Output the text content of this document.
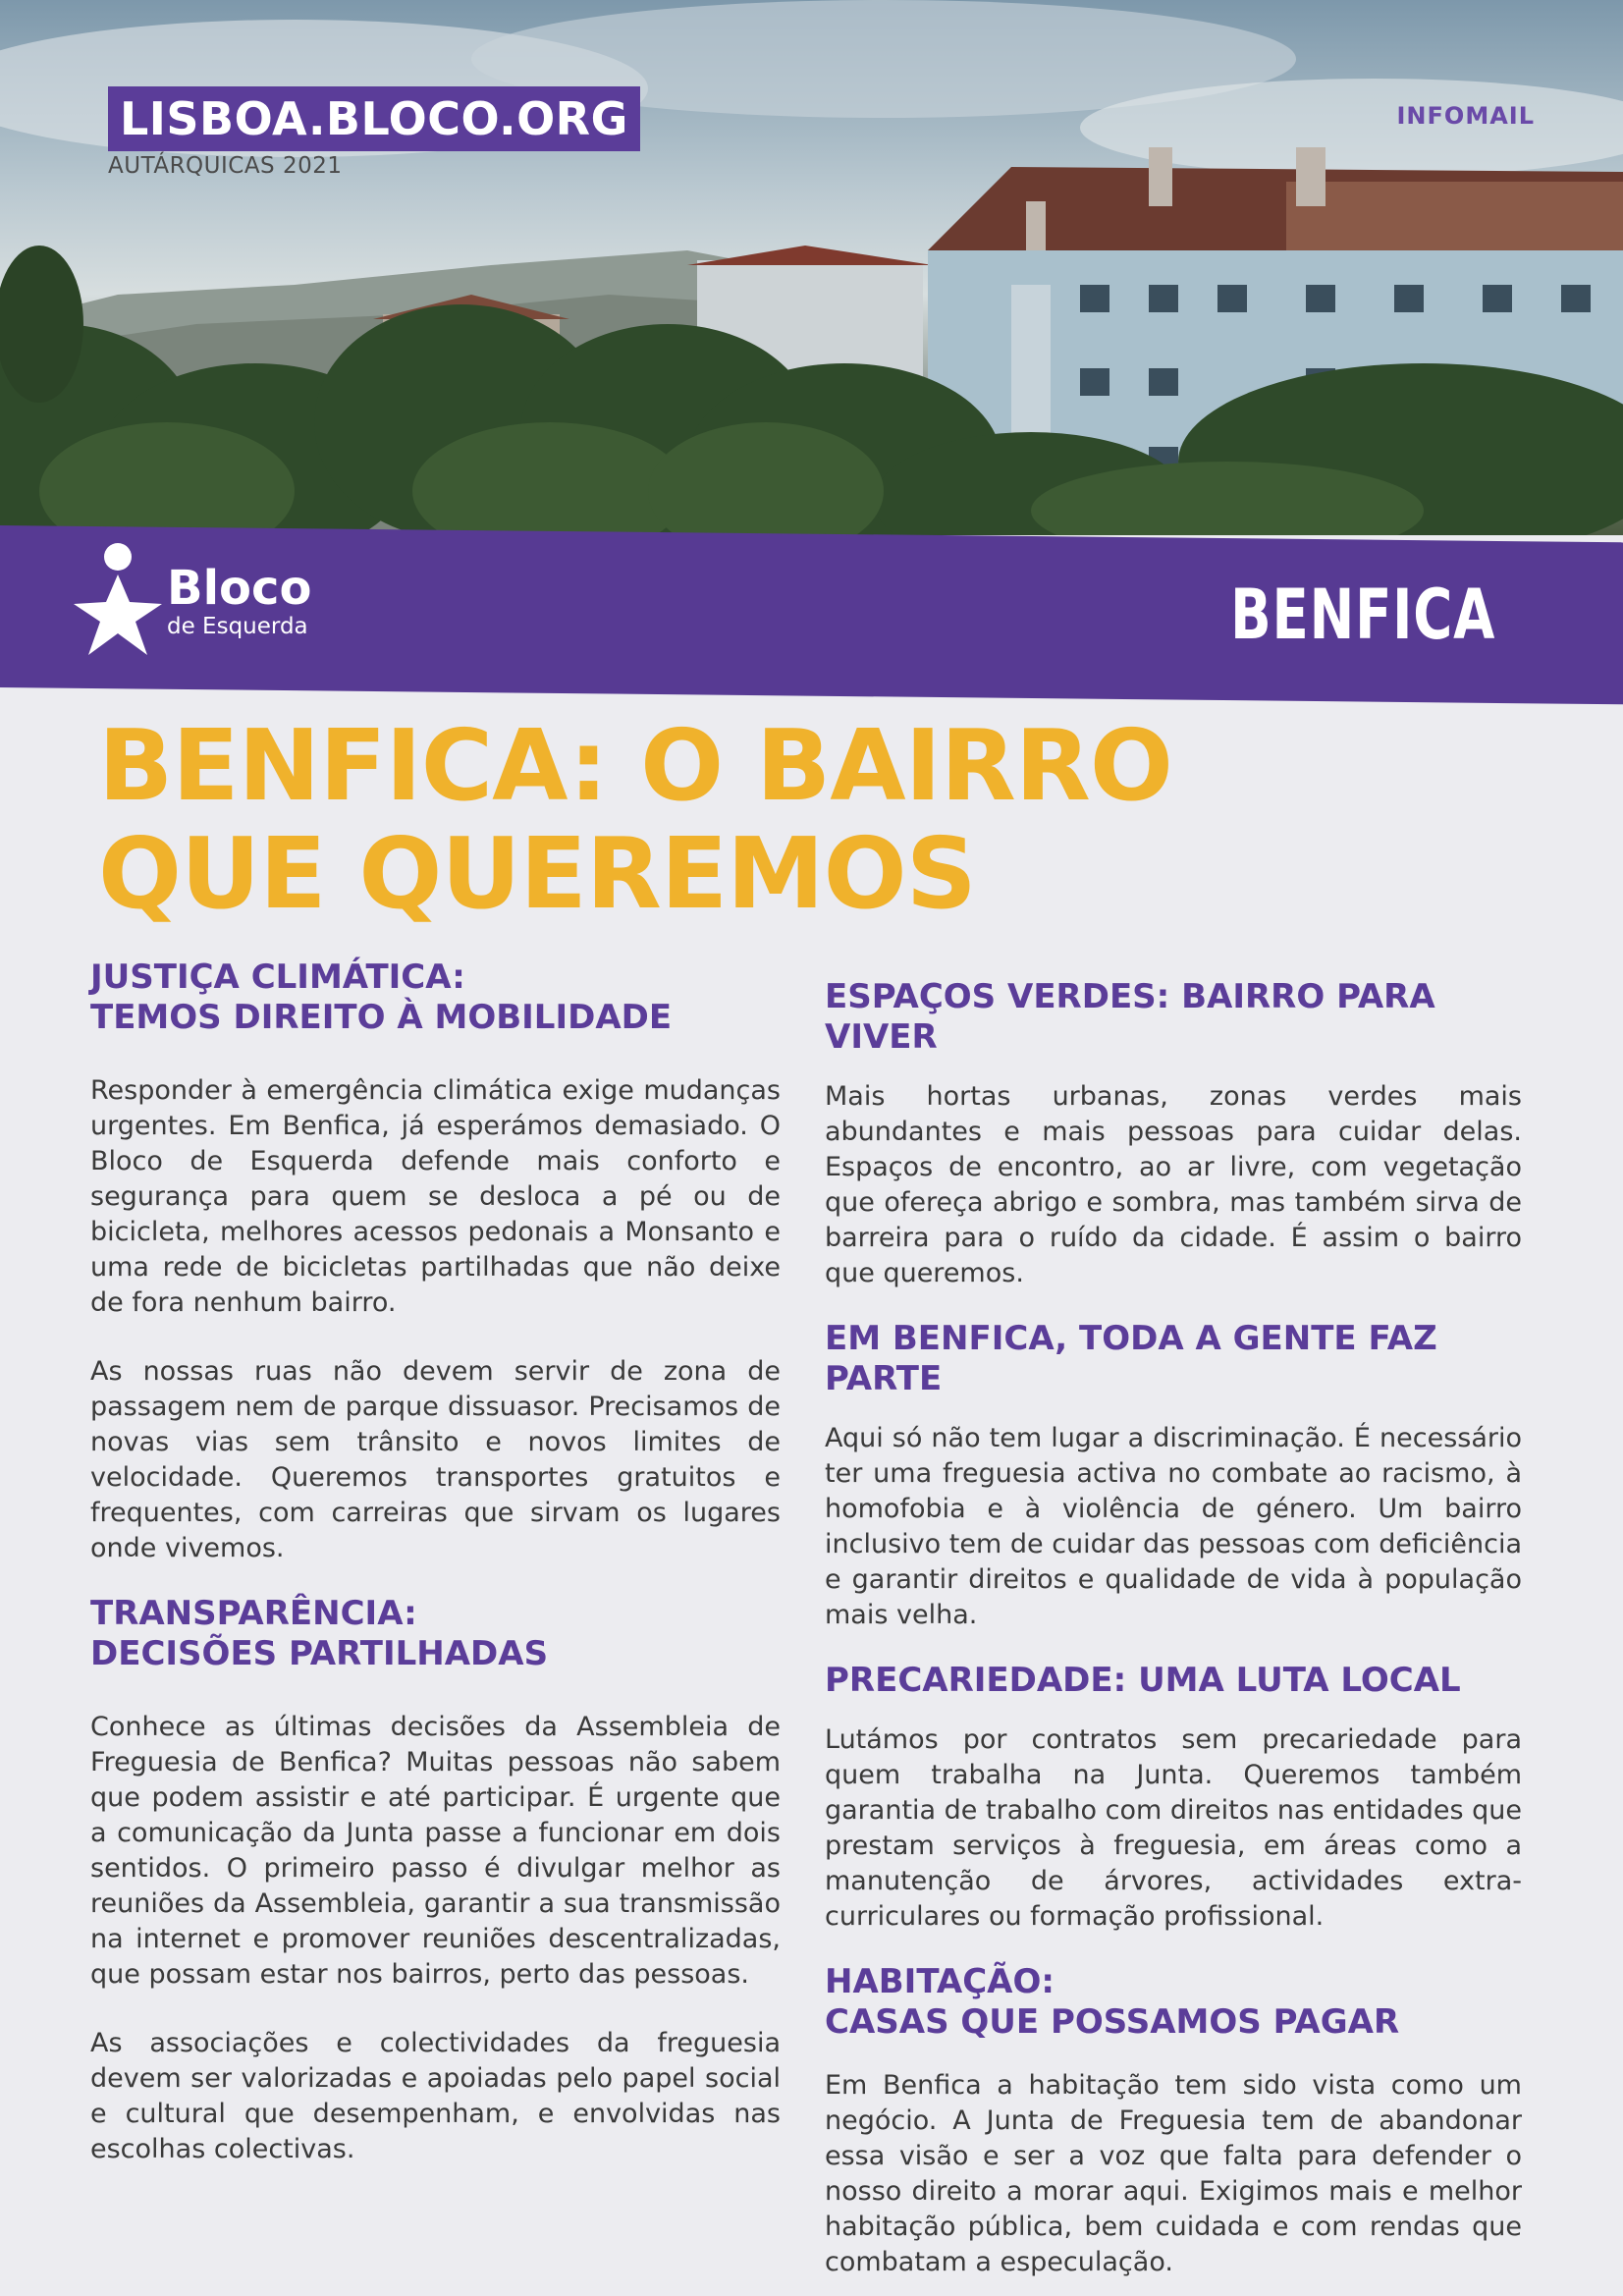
LISBOA.BLOCO.ORG
AUTÁRQUICAS 2021
INFOMAIL
Bloco
de Esquerda	BENFICA
BENFICA: O BAIRRO
QUE QUEREMOS
JUSTIÇA CLIMÁTICA:
TEMOS DIREITO À MOBILIDADE

Responder à emergência climática exige mudanças urgentes. Em Benfica, já esperámos demasiado. O Bloco de Esquerda defende mais conforto e segurança para quem se desloca a pé ou de bicicleta, melhores acessos pedonais a Monsanto e uma rede de bicicletas partilhadas que não deixe de fora nenhum bairro.

As nossas ruas não devem servir de zona de passagem nem de parque dissuasor. Precisamos de novas vias sem trânsito e novos limites de velocidade. Queremos transportes gratuitos e frequentes, com carreiras que sirvam os lugares onde vivemos.

TRANSPARÊNCIA:
DECISÕES PARTILHADAS

Conhece as últimas decisões da Assembleia de Freguesia de Benfica? Muitas pessoas não sabem que podem assistir e até participar. É urgente que a comunicação da Junta passe a funcionar em dois sentidos. O primeiro passo é divulgar melhor as reuniões da Assembleia, garantir a sua transmissão na internet e promover reuniões descentralizadas, que possam estar nos bairros, perto das pessoas.

As associações e colectividades da freguesia devem ser valorizadas e apoiadas pelo papel social e cultural que desempenham, e envolvidas nas escolhas colectivas.

ESPAÇOS VERDES: BAIRRO PARA VIVER

Mais hortas urbanas, zonas verdes mais abundantes e mais pessoas para cuidar delas. Espaços de encontro, ao ar livre, com vegetação que ofereça abrigo e sombra, mas também sirva de barreira para o ruído da cidade. É assim o bairro que queremos.

EM BENFICA, TODA A GENTE FAZ PARTE

Aqui só não tem lugar a discriminação. É necessário ter uma freguesia activa no combate ao racismo, à homofobia e à violência de género. Um bairro inclusivo tem de cuidar das pessoas com deficiência e garantir direitos e qualidade de vida à população mais velha.

PRECARIEDADE: UMA LUTA LOCAL

Lutámos por contratos sem precariedade para quem trabalha na Junta. Queremos também garantia de trabalho com direitos nas entidades que prestam serviços à freguesia, em áreas como a manutenção de árvores, actividades extra-curriculares ou formação profissional.

HABITAÇÃO:
CASAS QUE POSSAMOS PAGAR

Em Benfica a habitação tem sido vista como um negócio. A Junta de Freguesia tem de abandonar essa visão e ser a voz que falta para defender o nosso direito a morar aqui. Exigimos mais e melhor habitação pública, bem cuidada e com rendas que combatam a especulação.
